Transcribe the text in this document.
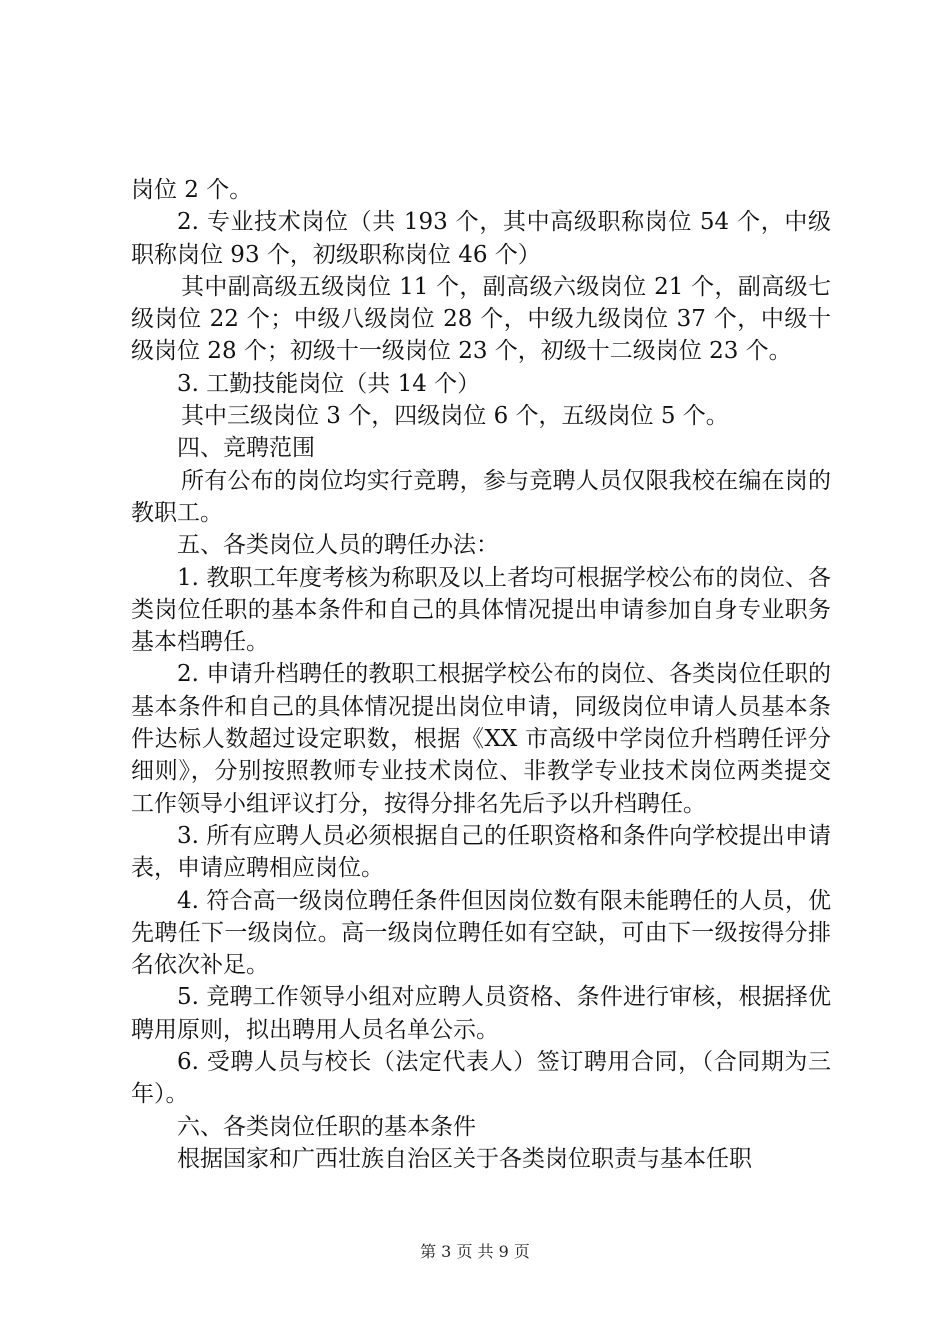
岗位 2 个。

2. 专业技术岗位（共 193 个，其中高级职称岗位 54 个，中级职称岗位 93 个，初级职称岗位 46 个）

其中副高级五级岗位 11 个，副高级六级岗位 21 个，副高级七级岗位 22 个；中级八级岗位 28 个，中级九级岗位 37 个，中级十级岗位 28 个；初级十一级岗位 23 个，初级十二级岗位 23 个。

3. 工勤技能岗位（共 14 个）

其中三级岗位 3 个，四级岗位 6 个，五级岗位 5 个。

四、竞聘范围

所有公布的岗位均实行竞聘，参与竞聘人员仅限我校在编在岗的教职工。

五、各类岗位人员的聘任办法：

1. 教职工年度考核为称职及以上者均可根据学校公布的岗位、各类岗位任职的基本条件和自己的具体情况提出申请参加自身专业职务基本档聘任。

2. 申请升档聘任的教职工根据学校公布的岗位、各类岗位任职的基本条件和自己的具体情况提出岗位申请，同级岗位申请人员基本条件达标人数超过设定职数，根据《XX 市高级中学岗位升档聘任评分细则》，分别按照教师专业技术岗位、非教学专业技术岗位两类提交工作领导小组评议打分，按得分排名先后予以升档聘任。

3. 所有应聘人员必须根据自己的任职资格和条件向学校提出申请表，申请应聘相应岗位。

4. 符合高一级岗位聘任条件但因岗位数有限未能聘任的人员，优先聘任下一级岗位。高一级岗位聘任如有空缺，可由下一级按得分排名依次补足。

5. 竞聘工作领导小组对应聘人员资格、条件进行审核，根据择优聘用原则，拟出聘用人员名单公示。

6. 受聘人员与校长（法定代表人）签订聘用合同，（合同期为三年）。

六、各类岗位任职的基本条件

根据国家和广西壮族自治区关于各类岗位职责与基本任职

第 3 页 共 9 页
